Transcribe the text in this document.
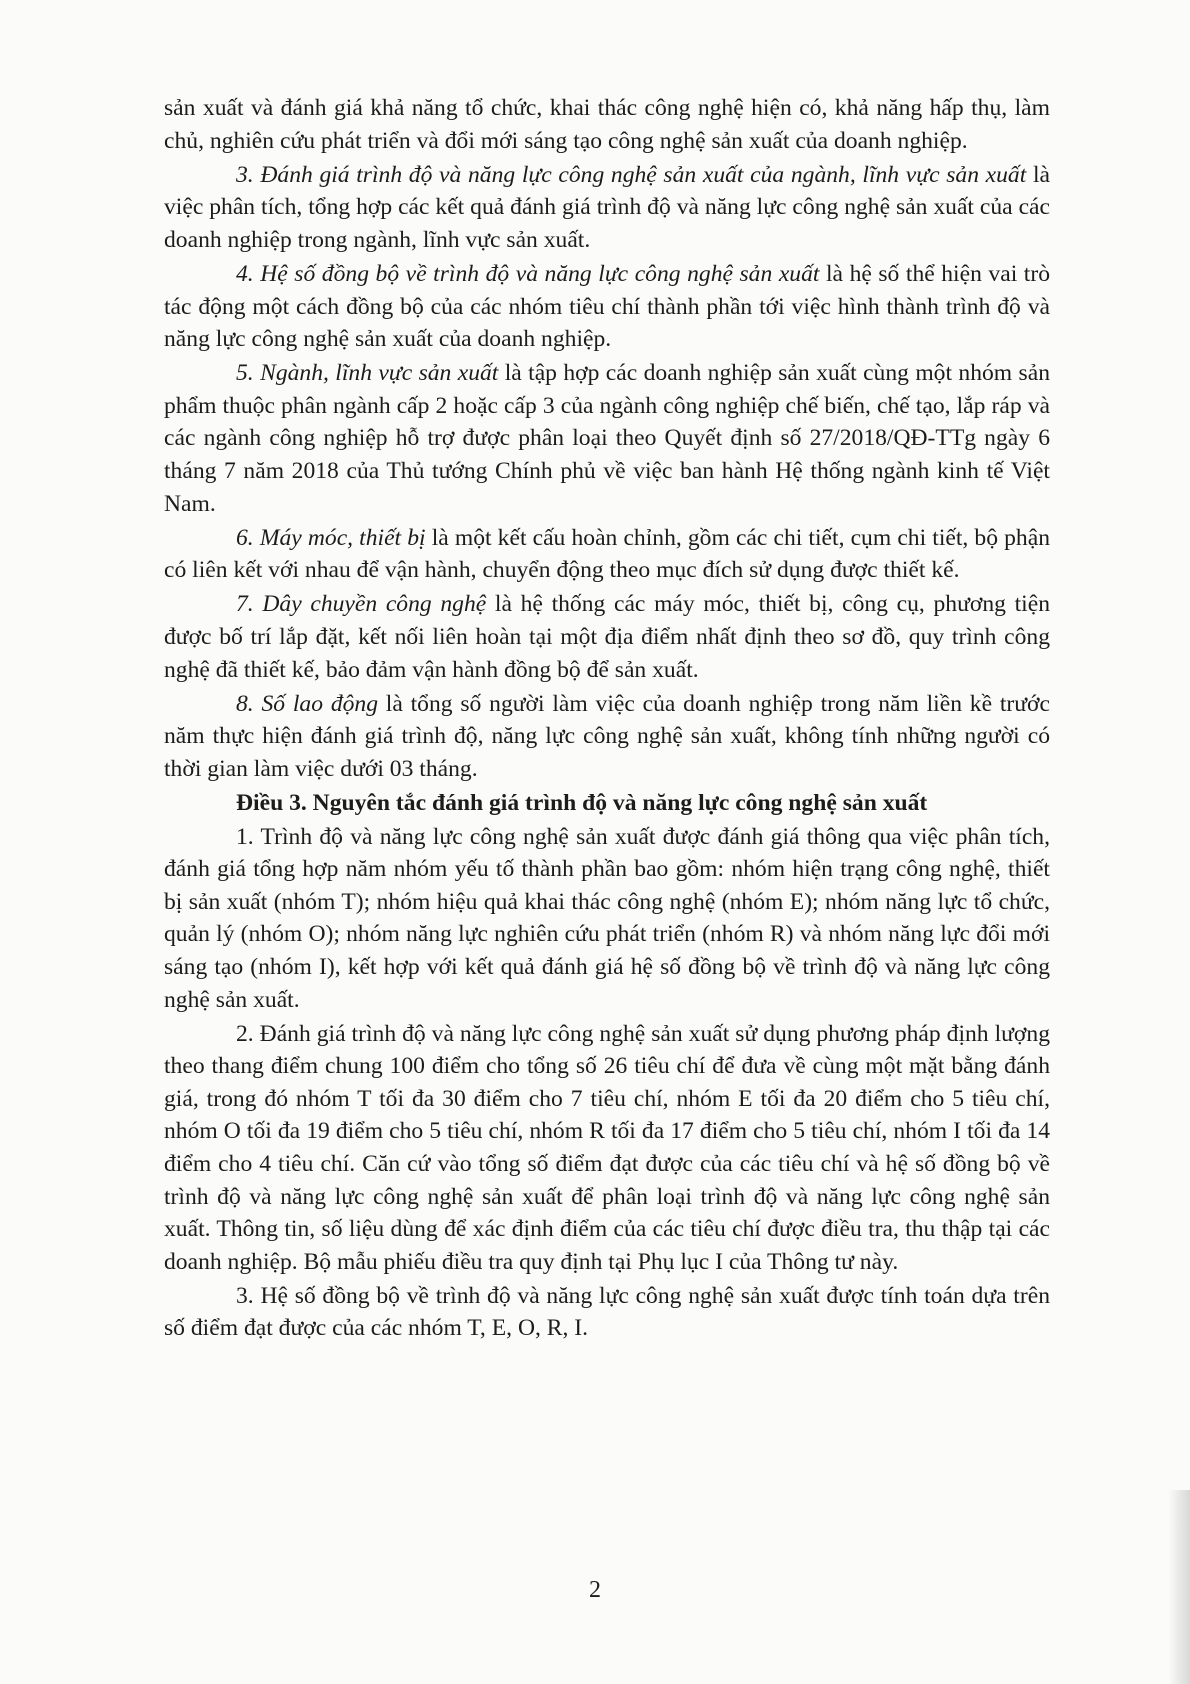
sản xuất và đánh giá khả năng tổ chức, khai thác công nghệ hiện có, khả năng hấp thụ, làm chủ, nghiên cứu phát triển và đổi mới sáng tạo công nghệ sản xuất của doanh nghiệp.

3. Đánh giá trình độ và năng lực công nghệ sản xuất của ngành, lĩnh vực sản xuất là việc phân tích, tổng hợp các kết quả đánh giá trình độ và năng lực công nghệ sản xuất của các doanh nghiệp trong ngành, lĩnh vực sản xuất.

4. Hệ số đồng bộ về trình độ và năng lực công nghệ sản xuất là hệ số thể hiện vai trò tác động một cách đồng bộ của các nhóm tiêu chí thành phần tới việc hình thành trình độ và năng lực công nghệ sản xuất của doanh nghiệp.

5. Ngành, lĩnh vực sản xuất là tập hợp các doanh nghiệp sản xuất cùng một nhóm sản phẩm thuộc phân ngành cấp 2 hoặc cấp 3 của ngành công nghiệp chế biến, chế tạo, lắp ráp và các ngành công nghiệp hỗ trợ được phân loại theo Quyết định số 27/2018/QĐ-TTg ngày 6 tháng 7 năm 2018 của Thủ tướng Chính phủ về việc ban hành Hệ thống ngành kinh tế Việt Nam.

6. Máy móc, thiết bị là một kết cấu hoàn chỉnh, gồm các chi tiết, cụm chi tiết, bộ phận có liên kết với nhau để vận hành, chuyển động theo mục đích sử dụng được thiết kế.

7. Dây chuyền công nghệ là hệ thống các máy móc, thiết bị, công cụ, phương tiện được bố trí lắp đặt, kết nối liên hoàn tại một địa điểm nhất định theo sơ đồ, quy trình công nghệ đã thiết kế, bảo đảm vận hành đồng bộ để sản xuất.

8. Số lao động là tổng số người làm việc của doanh nghiệp trong năm liền kề trước năm thực hiện đánh giá trình độ, năng lực công nghệ sản xuất, không tính những người có thời gian làm việc dưới 03 tháng.

Điều 3. Nguyên tắc đánh giá trình độ và năng lực công nghệ sản xuất

1. Trình độ và năng lực công nghệ sản xuất được đánh giá thông qua việc phân tích, đánh giá tổng hợp năm nhóm yếu tố thành phần bao gồm: nhóm hiện trạng công nghệ, thiết bị sản xuất (nhóm T); nhóm hiệu quả khai thác công nghệ (nhóm E); nhóm năng lực tổ chức, quản lý (nhóm O); nhóm năng lực nghiên cứu phát triển (nhóm R) và nhóm năng lực đổi mới sáng tạo (nhóm I), kết hợp với kết quả đánh giá hệ số đồng bộ về trình độ và năng lực công nghệ sản xuất.

2. Đánh giá trình độ và năng lực công nghệ sản xuất sử dụng phương pháp định lượng theo thang điểm chung 100 điểm cho tổng số 26 tiêu chí để đưa về cùng một mặt bằng đánh giá, trong đó nhóm T tối đa 30 điểm cho 7 tiêu chí, nhóm E tối đa 20 điểm cho 5 tiêu chí, nhóm O tối đa 19 điểm cho 5 tiêu chí, nhóm R tối đa 17 điểm cho 5 tiêu chí, nhóm I tối đa 14 điểm cho 4 tiêu chí. Căn cứ vào tổng số điểm đạt được của các tiêu chí và hệ số đồng bộ về trình độ và năng lực công nghệ sản xuất để phân loại trình độ và năng lực công nghệ sản xuất. Thông tin, số liệu dùng để xác định điểm của các tiêu chí được điều tra, thu thập tại các doanh nghiệp. Bộ mẫu phiếu điều tra quy định tại Phụ lục I của Thông tư này.

3. Hệ số đồng bộ về trình độ và năng lực công nghệ sản xuất được tính toán dựa trên số điểm đạt được của các nhóm T, E, O, R, I.

2
